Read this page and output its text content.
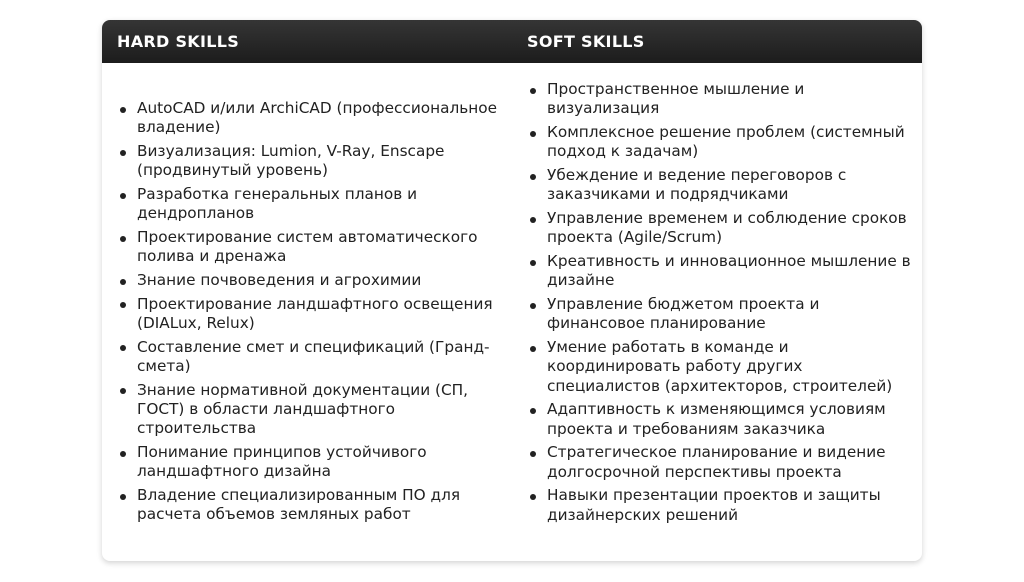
HARD SKILLS	SOFT SKILLS
AutoCAD и/или ArchiCAD (профессиональное владение)
Визуализация: Lumion, V-Ray, Enscape (продвинутый уровень)
Разработка генеральных планов и дендропланов
Проектирование систем автоматического полива и дренажа
Знание почвоведения и агрохимии
Проектирование ландшафтного освещения (DIALux, Relux)
Составление смет и спецификаций (Гранд-смета)
Знание нормативной документации (СП, ГОСТ) в области ландшафтного строительства
Понимание принципов устойчивого ландшафтного дизайна
Владение специализированным ПО для расчета объемов земляных работ
Пространственное мышление и визуализация
Комплексное решение проблем (системный подход к задачам)
Убеждение и ведение переговоров с заказчиками и подрядчиками
Управление временем и соблюдение сроков проекта (Agile/Scrum)
Креативность и инновационное мышление в дизайне
Управление бюджетом проекта и финансовое планирование
Умение работать в команде и координировать работу других специалистов (архитекторов, строителей)
Адаптивность к изменяющимся условиям проекта и требованиям заказчика
Стратегическое планирование и видение долгосрочной перспективы проекта
Навыки презентации проектов и защиты дизайнерских решений
